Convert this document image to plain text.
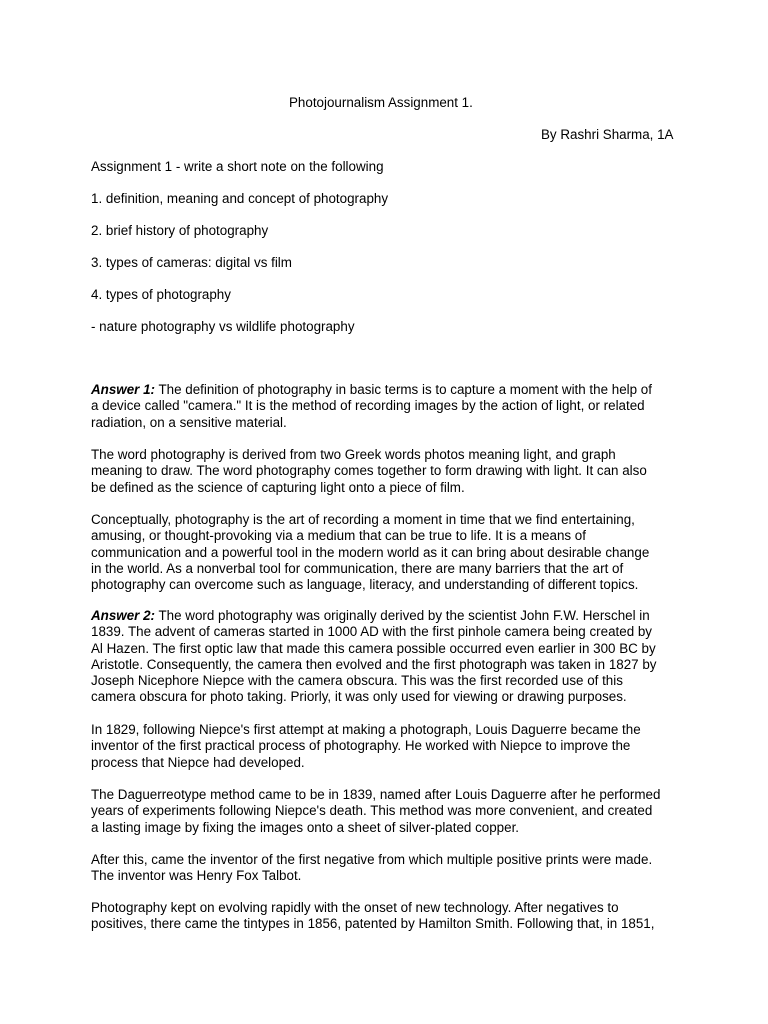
Photojournalism Assignment 1.

By Rashri Sharma, 1A

Assignment 1 - write a short note on the following

1. definition, meaning and concept of photography

2. brief history of photography

3. types of cameras: digital vs film

4. types of photography

- nature photography vs wildlife photography

Answer 1: The definition of photography in basic terms is to capture a moment with the help of
a device called "camera." It is the method of recording images by the action of light, or related
radiation, on a sensitive material.
The word photography is derived from two Greek words photos meaning light, and graph
meaning to draw. The word photography comes together to form drawing with light. It can also
be defined as the science of capturing light onto a piece of film.
Conceptually, photography is the art of recording a moment in time that we find entertaining,
amusing, or thought-provoking via a medium that can be true to life. It is a means of
communication and a powerful tool in the modern world as it can bring about desirable change
in the world. As a nonverbal tool for communication, there are many barriers that the art of
photography can overcome such as language, literacy, and understanding of different topics.
Answer 2: The word photography was originally derived by the scientist John F.W. Herschel in
1839. The advent of cameras started in 1000 AD with the first pinhole camera being created by
Al Hazen. The first optic law that made this camera possible occurred even earlier in 300 BC by
Aristotle. Consequently, the camera then evolved and the first photograph was taken in 1827 by
Joseph Nicephore Niepce with the camera obscura. This was the first recorded use of this
camera obscura for photo taking. Priorly, it was only used for viewing or drawing purposes.
In 1829, following Niepce's first attempt at making a photograph, Louis Daguerre became the
inventor of the first practical process of photography. He worked with Niepce to improve the
process that Niepce had developed.
The Daguerreotype method came to be in 1839, named after Louis Daguerre after he performed
years of experiments following Niepce's death. This method was more convenient, and created
a lasting image by fixing the images onto a sheet of silver-plated copper.
After this, came the inventor of the first negative from which multiple positive prints were made.
The inventor was Henry Fox Talbot.
Photography kept on evolving rapidly with the onset of new technology. After negatives to
positives, there came the tintypes in 1856, patented by Hamilton Smith. Following that, in 1851,
